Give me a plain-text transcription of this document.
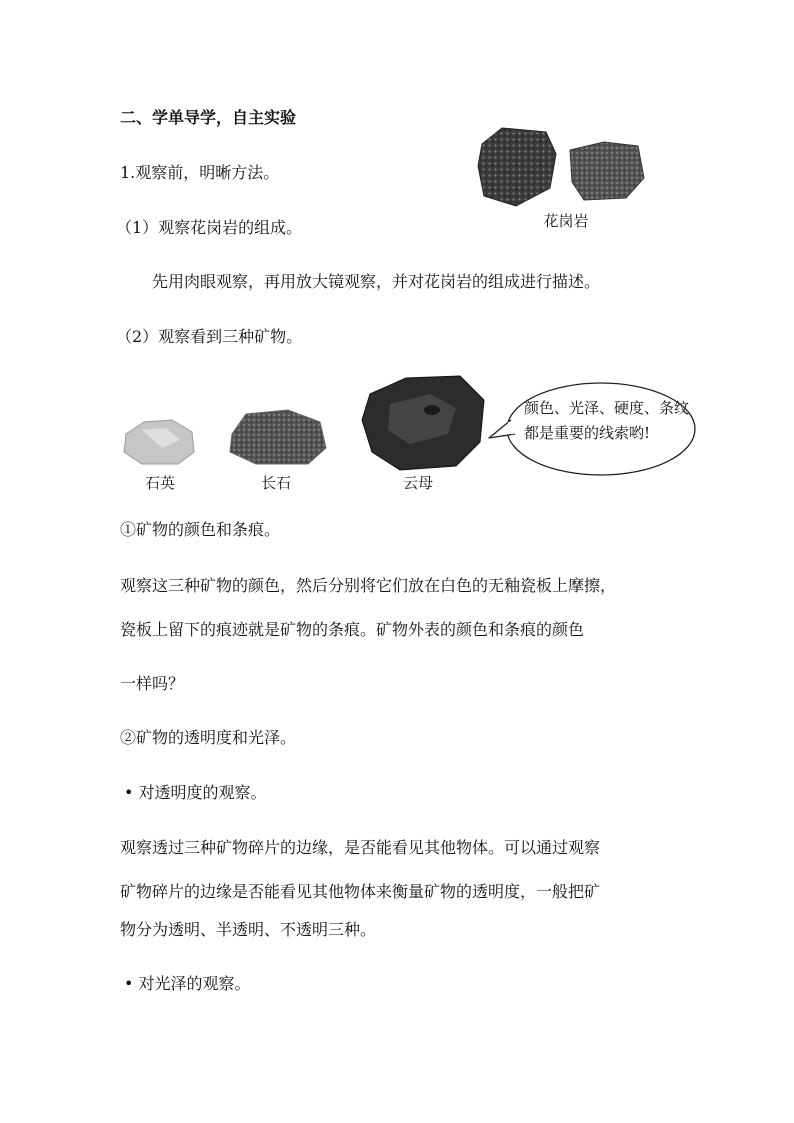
二、学单导学，自主实验
1.观察前，明晰方法。
（1）观察花岗岩的组成。
先用肉眼观察，再用放大镜观察，并对花岗岩的组成进行描述。
（2）观察看到三种矿物。
花岗岩
石英	长石	云母
颜色、光泽、硬度、条纹都是重要的线索哟!
①矿物的颜色和条痕。
观察这三种矿物的颜色，然后分别将它们放在白色的无釉瓷板上摩擦，
瓷板上留下的痕迹就是矿物的条痕。矿物外表的颜色和条痕的颜色
一样吗？
②矿物的透明度和光泽。
• 对透明度的观察。
观察透过三种矿物碎片的边缘，是否能看见其他物体。可以通过观察
矿物碎片的边缘是否能看见其他物体来衡量矿物的透明度，一般把矿
物分为透明、半透明、不透明三种。
• 对光泽的观察。
